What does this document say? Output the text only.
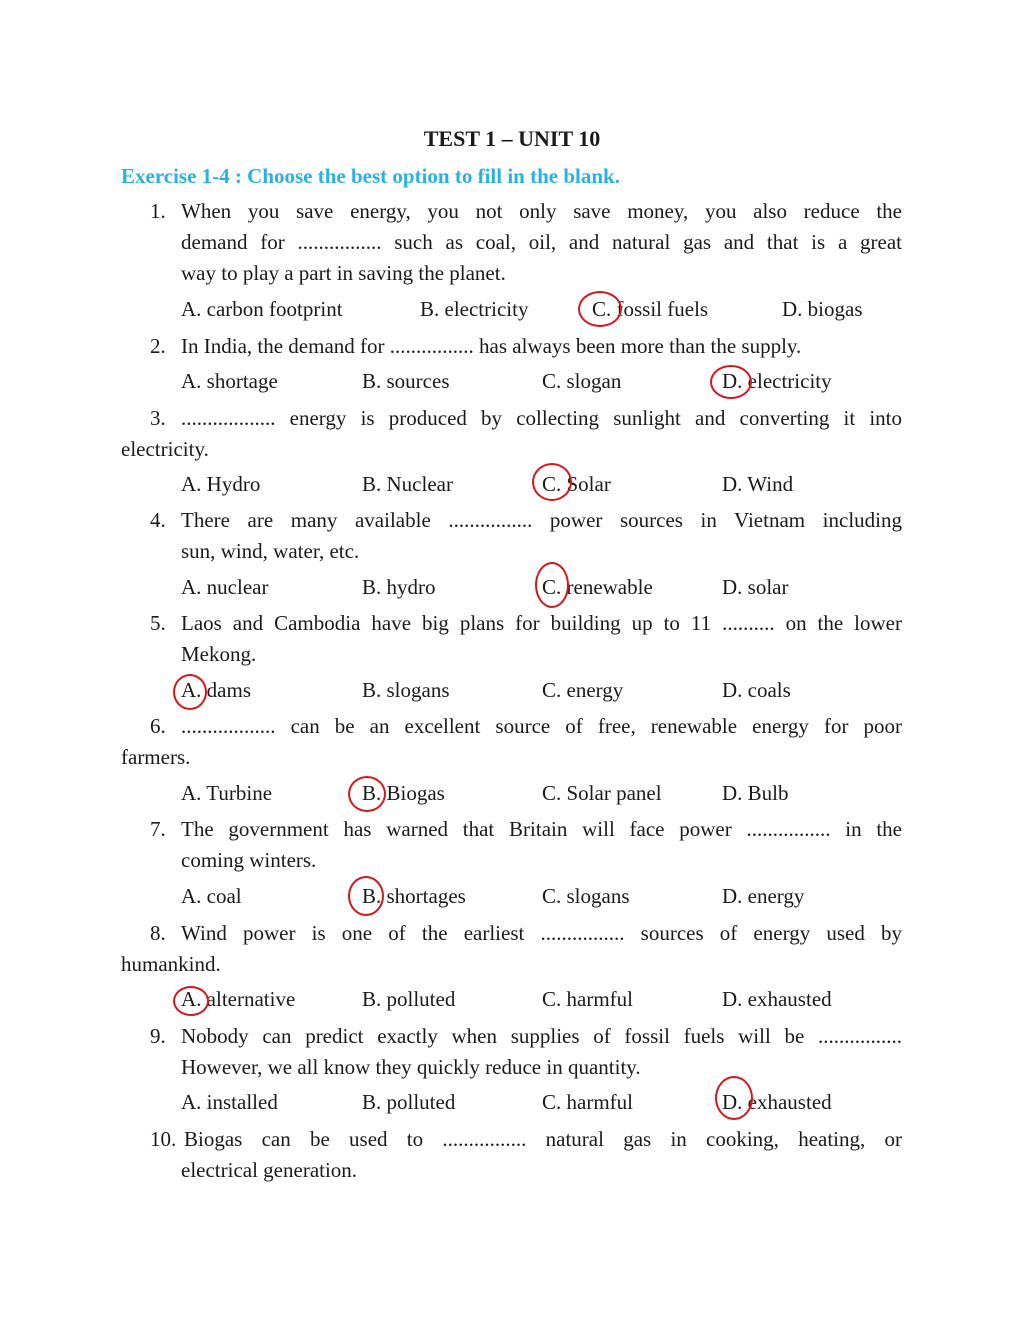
TEST 1 – UNIT 10
Exercise 1-4 : Choose the best option to fill in the blank.
1. When you save energy, you not only save money, you also reduce the
demand for ................ such as coal, oil, and natural gas and that is a great
way to play a part in saving the planet.
A. carbon footprint	B. electricity	C. fossil fuels	D. biogas
2. In India, the demand for ................ has always been more than the supply.
A. shortage	B. sources	C. slogan	D. electricity
3. .................. energy is produced by collecting sunlight and converting it into
electricity.
A. Hydro	B. Nuclear	C. Solar	D. Wind
4. There are many available ................ power sources in Vietnam including
sun, wind, water, etc.
A. nuclear	B. hydro	C. renewable	D. solar
5. Laos and Cambodia have big plans for building up to 11 .......... on the lower
Mekong.
A. dams	B. slogans	C. energy	D. coals
6. .................. can be an excellent source of free, renewable energy for poor
farmers.
A. Turbine	B. Biogas	C. Solar panel	D. Bulb
7. The government has warned that Britain will face power ................ in the
coming winters.
A. coal	B. shortages	C. slogans	D. energy
8. Wind power is one of the earliest ................ sources of energy used by
humankind.
A. alternative	B. polluted	C. harmful	D. exhausted
9. Nobody can predict exactly when supplies of fossil fuels will be ................
However, we all know they quickly reduce in quantity.
A. installed	B. polluted	C. harmful	D. exhausted
10. Biogas can be used to ................ natural gas in cooking, heating, or
electrical generation.
